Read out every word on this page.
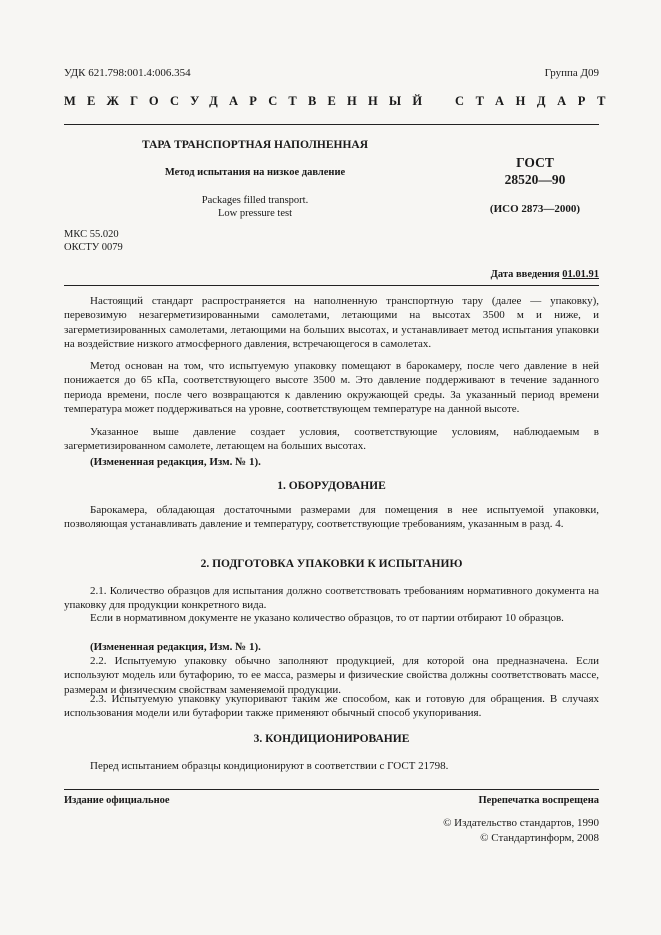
УДК 621.798:001.4:006.354	Группа Д09
МЕЖГОСУДАРСТВЕННЫЙ СТАНДАРТ
ТАРА ТРАНСПОРТНАЯ НАПОЛНЕННАЯ
Метод испытания на низкое давление
Packages filled transport.
Low pressure test
ГОСТ
28520—90
(ИСО 2873—2000)
МКС 55.020
ОКСТУ 0079
Дата введения 01.01.91
Настоящий стандарт распространяется на наполненную транспортную тару (далее — упаковку), перевозимую незагерметизированными самолетами, летающими на высотах 3500 м и ниже, и загерметизированных самолетами, летающими на больших высотах, и устанавливает метод испытания упаковки на воздействие низкого атмосферного давления, встречающегося в самолетах.
Метод основан на том, что испытуемую упаковку помещают в барокамеру, после чего давление в ней понижается до 65 кПа, соответствующего высоте 3500 м. Это давление поддерживают в течение заданного периода времени, после чего возвращаются к давлению окружающей среды. За указанный период времени температура может поддерживаться на уровне, соответствующем температуре на данной высоте.
Указанное выше давление создает условия, соответствующие условиям, наблюдаемым в загерметизированном самолете, летающем на больших высотах.
(Измененная редакция, Изм. № 1).
1. ОБОРУДОВАНИЕ
Барокамера, обладающая достаточными размерами для помещения в нее испытуемой упаковки, позволяющая устанавливать давление и температуру, соответствующие требованиям, указанным в разд. 4.
2. ПОДГОТОВКА УПАКОВКИ К ИСПЫТАНИЮ
2.1. Количество образцов для испытания должно соответствовать требованиям нормативного документа на упаковку для продукции конкретного вида.
Если в нормативном документе не указано количество образцов, то от партии отбирают 10 образцов.
(Измененная редакция, Изм. № 1).
2.2. Испытуемую упаковку обычно заполняют продукцией, для которой она предназначена. Если используют модель или бутафорию, то ее масса, размеры и физические свойства должны соответствовать массе, размерам и физическим свойствам заменяемой продукции.
2.3. Испытуемую упаковку укупоривают таким же способом, как и готовую для обращения. В случаях использования модели или бутафории также применяют обычный способ укупоривания.
3. КОНДИЦИОНИРОВАНИЕ
Перед испытанием образцы кондиционируют в соответствии с ГОСТ 21798.
Издание официальное	Перепечатка воспрещена
© Издательство стандартов, 1990
© Стандартинформ, 2008
